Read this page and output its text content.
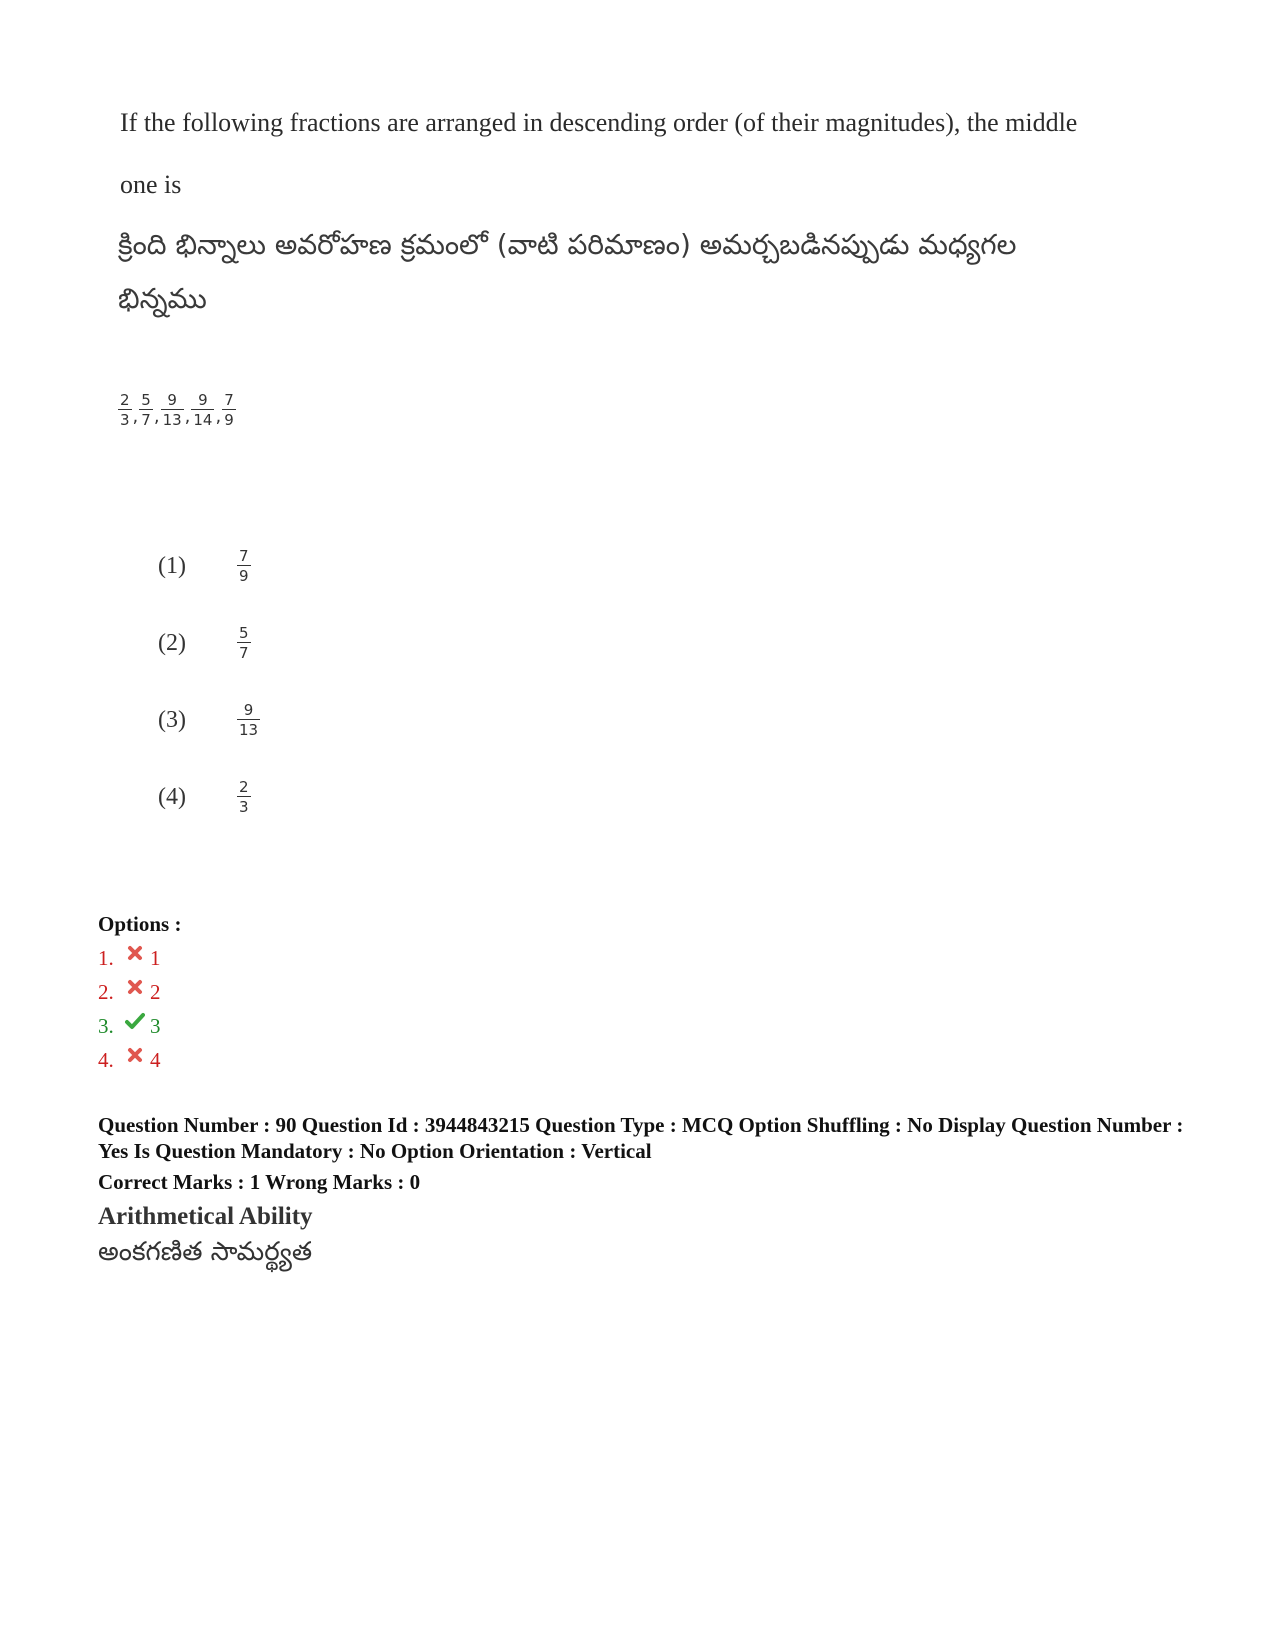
If the following fractions are arranged in descending order (of their magnitudes), the middle one is
క్రింది భిన్నాలు అవరోహణ క్రమంలో (వాటి పరిమాణం) అమర్చబడినప్పుడు మధ్యగల భిన్నము
$\frac{2}{3}$ , $\frac{5}{7}$ , $\frac{9}{13}$ , $\frac{9}{14}$ , $\frac{7}{9}$
(1)	$\frac{7}{9}$
(2)	$\frac{5}{7}$
(3)	$\frac{9}{13}$
(4)	$\frac{2}{3}$
Options :
1.	1
2.	2
3.	3
4.	4
Question Number : 90 Question Id : 3944843215 Question Type : MCQ Option Shuffling : No Display Question Number : Yes Is Question Mandatory : No Option Orientation : Vertical
Correct Marks : 1 Wrong Marks : 0
Arithmetical Ability
అంకగణిత సామర్థ్యత
